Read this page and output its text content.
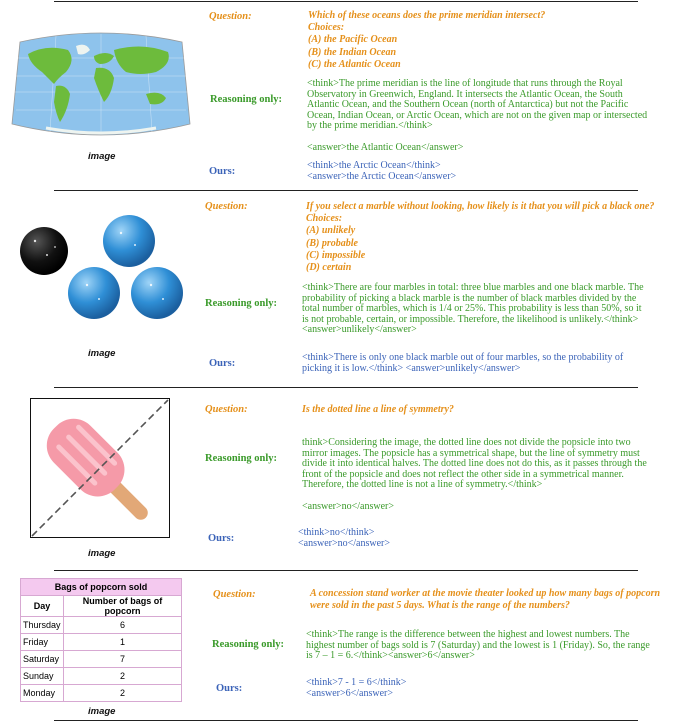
image
Question:	Which of these oceans does the prime meridian intersect?
Choices:
(A) the Pacific Ocean
(B) the Indian Ocean
(C) the Atlantic Ocean
Reasoning only:
<think>The prime meridian is the line of longitude that runs through the Royal
Observatory in Greenwich, England. It intersects the Atlantic Ocean, the South
Atlantic Ocean, and the Southern Ocean (north of Antarctica) but not the Pacific
Ocean, Indian Ocean, or Arctic Ocean, which are not on the given map or intersected
by the prime meridian.</think>

<answer>the Atlantic Ocean</answer>
Ours:
<think>the Arctic Ocean</think>
<answer>the Arctic Ocean</answer>
image
Question:	If you select a marble without looking, how likely is it that you will pick a black one?
Choices:
(A) unlikely
(B) probable
(C) impossible
(D) certain
Reasoning only:
<think>There are four marbles in total: three blue marbles and one black marble. The
probability of picking a black marble is the number of black marbles divided by the
total number of marbles, which is 1/4 or 25%. This probability is less than 50%, so it
is not probable, certain, or impossible. Therefore, the likelihood is unlikely.</think>
<answer>unlikely</answer>
Ours:
<think>There is only one black marble out of four marbles, so the probability of
picking it is low.</think> <answer>unlikely</answer>
image
Question:	Is the dotted line a line of symmetry?
Reasoning only:
think>Considering the image, the dotted line does not divide the popsicle into two
mirror images. The popsicle has a symmetrical shape, but the line of symmetry must
divide it into identical halves. The dotted line does not do this, as it passes through the
front of the popsicle and does not reflect the other side in a symmetrical manner.
Therefore, the dotted line is not a line of symmetry.</think>

<answer>no</answer>
Ours:
<think>no</think>
<answer>no</answer>
Bags of popcorn sold	
Day	Number of bags of popcorn
Thursday	6
Friday	1
Saturday	7
Sunday	2
Monday	2
image
Question:	A concession stand worker at the movie theater looked up how many bags of popcorn
were sold in the past 5 days. What is the range of the numbers?
Reasoning only:
<think>The range is the difference between the highest and lowest numbers. The
highest number of bags sold is 7 (Saturday) and the lowest is 1 (Friday). So, the range
is 7 – 1 = 6.</think><answer>6</answer>
Ours:
<think>7 - 1 = 6</think>
<answer>6</answer>
